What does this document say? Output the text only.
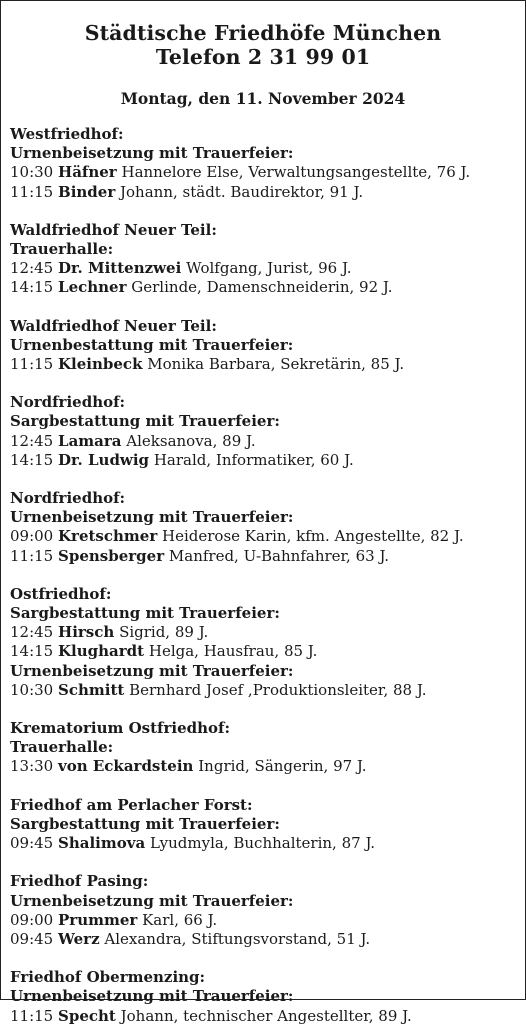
Städtische Friedhöfe München
Telefon 2 31 99 01
Montag, den 11. November 2024
Westfriedhof:
Urnenbeisetzung mit Trauerfeier:
10:30 Häfner Hannelore Else, Verwaltungsangestellte, 76 J.
11:15 Binder Johann, städt. Baudirektor, 91 J.
Waldfriedhof Neuer Teil:
Trauerhalle:
12:45 Dr. Mittenzwei Wolfgang, Jurist, 96 J.
14:15 Lechner Gerlinde, Damenschneiderin, 92 J.
Waldfriedhof Neuer Teil:
Urnenbestattung mit Trauerfeier:
11:15 Kleinbeck Monika Barbara, Sekretärin, 85 J.
Nordfriedhof:
Sargbestattung mit Trauerfeier:
12:45 Lamara Aleksanova, 89 J.
14:15 Dr. Ludwig Harald, Informatiker, 60 J.
Nordfriedhof:
Urnenbeisetzung mit Trauerfeier:
09:00 Kretschmer Heiderose Karin, kfm. Angestellte, 82 J.
11:15 Spensberger Manfred, U-Bahnfahrer, 63 J.
Ostfriedhof:
Sargbestattung mit Trauerfeier:
12:45 Hirsch Sigrid, 89 J.
14:15 Klughardt Helga, Hausfrau, 85 J.
Urnenbeisetzung mit Trauerfeier:
10:30 Schmitt Bernhard Josef ,Produktionsleiter, 88 J.
Krematorium Ostfriedhof:
Trauerhalle:
13:30 von Eckardstein Ingrid, Sängerin, 97 J.
Friedhof am Perlacher Forst:
Sargbestattung mit Trauerfeier:
09:45 Shalimova Lyudmyla, Buchhalterin, 87 J.
Friedhof Pasing:
Urnenbeisetzung mit Trauerfeier:
09:00 Prummer Karl, 66 J.
09:45 Werz Alexandra, Stiftungsvorstand, 51 J.
Friedhof Obermenzing:
Urnenbeisetzung mit Trauerfeier:
11:15 Specht Johann, technischer Angestellter, 89 J.
